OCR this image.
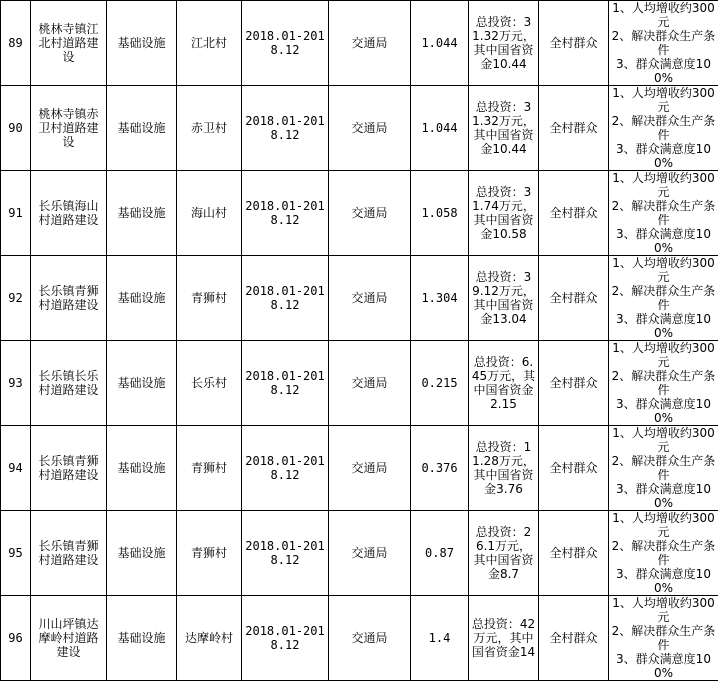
89	桃林寺镇江北村道路建设	基础设施	江北村	2018.01-2018.12	交通局	1.044	总投资：31.32万元，其中国省资金10.44	全村群众	1、人均增收约300元
2、解决群众生产条件
3、群众满意度100%

90	桃林寺镇赤卫村道路建设	基础设施	赤卫村	2018.01-2018.12	交通局	1.044	总投资：31.32万元，其中国省资金10.44	全村群众	1、人均增收约300元
2、解决群众生产条件
3、群众满意度100%

91	长乐镇海山村道路建设	基础设施	海山村	2018.01-2018.12	交通局	1.058	总投资：31.74万元，其中国省资金10.58	全村群众	1、人均增收约300元
2、解决群众生产条件
3、群众满意度100%

92	长乐镇青狮村道路建设	基础设施	青狮村	2018.01-2018.12	交通局	1.304	总投资：39.12万元，其中国省资金13.04	全村群众	1、人均增收约300元
2、解决群众生产条件
3、群众满意度100%

93	长乐镇长乐村道路建设	基础设施	长乐村	2018.01-2018.12	交通局	0.215	总投资：6.45万元，其中国省资金2.15	全村群众	1、人均增收约300元
2、解决群众生产条件
3、群众满意度100%

94	长乐镇青狮村道路建设	基础设施	青狮村	2018.01-2018.12	交通局	0.376	总投资：11.28万元，其中国省资金3.76	全村群众	1、人均增收约300元
2、解决群众生产条件
3、群众满意度100%

95	长乐镇青狮村道路建设	基础设施	青狮村	2018.01-2018.12	交通局	0.87	总投资：26.1万元，其中国省资金8.7	全村群众	1、人均增收约300元
2、解决群众生产条件
3、群众满意度100%

96	川山坪镇达摩岭村道路建设	基础设施	达摩岭村	2018.01-2018.12	交通局	1.4	总投资：42万元，其中国省资金14	全村群众	1、人均增收约300元
2、解决群众生产条件
3、群众满意度100%
